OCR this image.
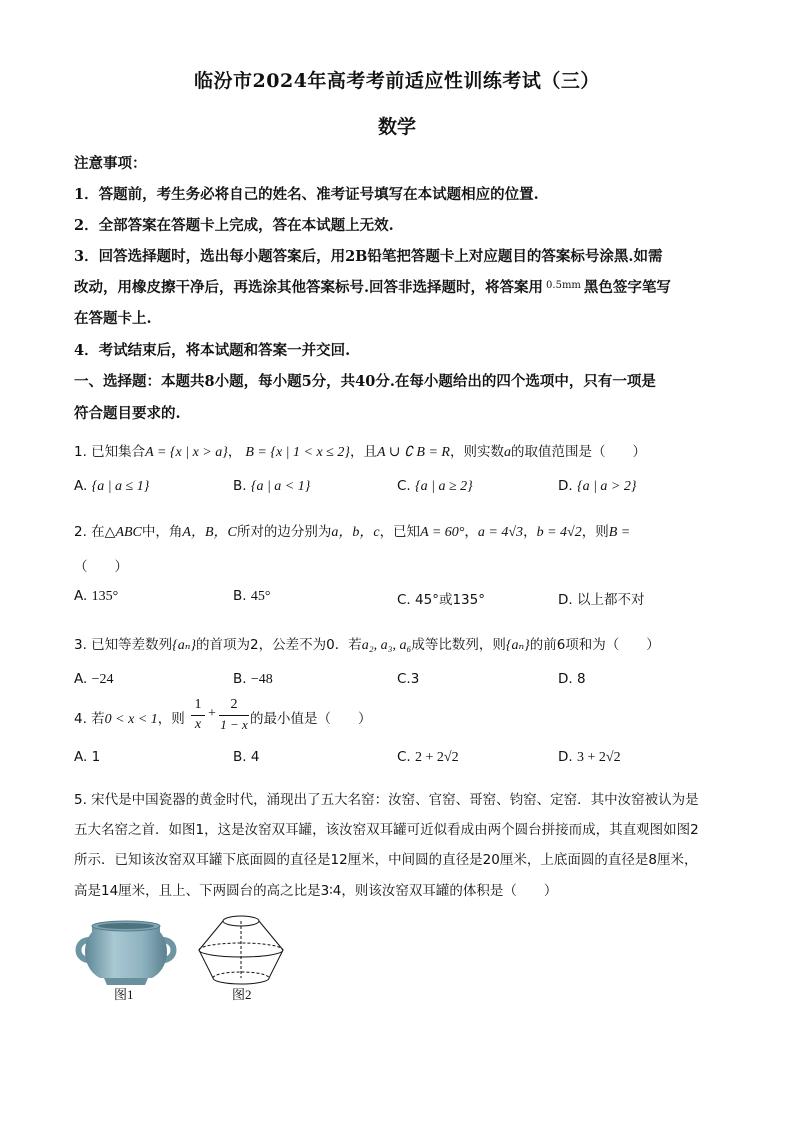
临汾市2024年高考考前适应性训练考试（三）
数学
注意事项：
1．答题前，考生务必将自己的姓名、准考证号填写在本试题相应的位置.
2．全部答案在答题卡上完成，答在本试题上无效.
3．回答选择题时，选出每小题答案后，用2B铅笔把答题卡上对应题目的答案标号涂黑.如需
改动，用橡皮擦干净后，再选涂其他答案标号.回答非选择题时，将答案用 $^{0.5mm}$ 黑色签字笔写
在答题卡上.
4．考试结束后，将本试题和答案一并交回.
一、选择题：本题共8小题，每小题5分，共40分.在每小题给出的四个选项中，只有一项是
符合题目要求的.
1. 已知集合A = {x | x > a}， B = {x | 1 < x ≤ 2}，且A ∪ ∁ B = R，则实数a的取值范围是（　　）
A. {a | a ≤ 1}	B. {a | a < 1}	C. {a | a ≥ 2}	D. {a | a > 2}
2. 在△ABC中，角A，B，C所对的边分别为a，b，c，已知A = 60°，a = 4√3，b = 4√2，则B =
（　　）
A. 135°	B. 45°	C. 45°或135°	D. 以上都不对
3. 已知等差数列{aₙ}的首项为2，公差不为0．若a₂, a₃, a₆成等比数列，则{aₙ}的前6项和为（　　）
A. −24	B. −48	C.3	D. 8
4. 若0 < x < 1，则
1
x
+
2
1 − x 的最小值是（　　）
A. 1	B. 4	C. 2 + 2√2	D. 3 + 2√2
5. 宋代是中国瓷器的黄金时代，涌现出了五大名窑：汝窑、官窑、哥窑、钧窑、定窑．其中汝窑被认为是
五大名窑之首．如图1，这是汝窑双耳罐，该汝窑双耳罐可近似看成由两个圆台拼接而成，其直观图如图2
所示．已知该汝窑双耳罐下底面圆的直径是12厘米，中间圆的直径是20厘米，上底面圆的直径是8厘米，
高是14厘米，且上、下两圆台的高之比是3∶4，则该汝窑双耳罐的体积是（　　）
图1	图2
